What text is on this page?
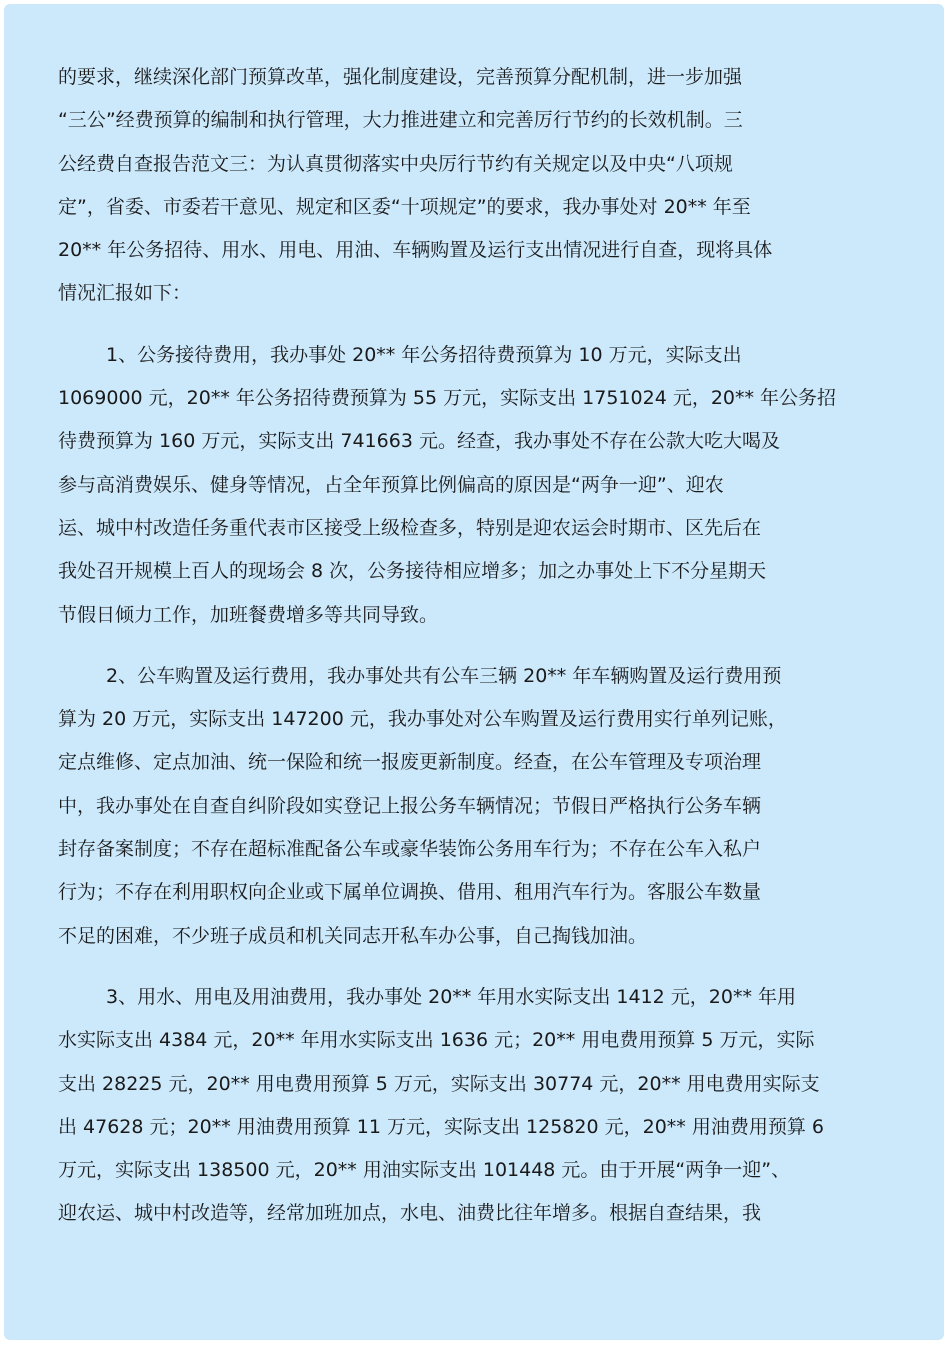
的要求，继续深化部门预算改革，强化制度建设，完善预算分配机制，进一步加强
“三公”经费预算的编制和执行管理，大力推进建立和完善厉行节约的长效机制。三
公经费自查报告范文三：为认真贯彻落实中央厉行节约有关规定以及中央“八项规
定”，省委、市委若干意见、规定和区委“十项规定”的要求，我办事处对 20** 年至
20** 年公务招待、用水、用电、用油、车辆购置及运行支出情况进行自查，现将具体
情况汇报如下：
1、公务接待费用，我办事处 20** 年公务招待费预算为 10 万元，实际支出
1069000 元，20** 年公务招待费预算为 55 万元，实际支出 1751024 元，20** 年公务招
待费预算为 160 万元，实际支出 741663 元。经查，我办事处不存在公款大吃大喝及
参与高消费娱乐、健身等情况，占全年预算比例偏高的原因是“两争一迎”、迎农
运、城中村改造任务重代表市区接受上级检查多，特别是迎农运会时期市、区先后在
我处召开规模上百人的现场会 8 次，公务接待相应增多；加之办事处上下不分星期天
节假日倾力工作，加班餐费增多等共同导致。
2、公车购置及运行费用，我办事处共有公车三辆 20** 年车辆购置及运行费用预
算为 20 万元，实际支出 147200 元，我办事处对公车购置及运行费用实行单列记账，
定点维修、定点加油、统一保险和统一报废更新制度。经查，在公车管理及专项治理
中，我办事处在自查自纠阶段如实登记上报公务车辆情况；节假日严格执行公务车辆
封存备案制度；不存在超标准配备公车或豪华装饰公务用车行为；不存在公车入私户
行为；不存在利用职权向企业或下属单位调换、借用、租用汽车行为。客服公车数量
不足的困难，不少班子成员和机关同志开私车办公事，自己掏钱加油。
3、用水、用电及用油费用，我办事处 20** 年用水实际支出 1412 元，20** 年用
水实际支出 4384 元，20** 年用水实际支出 1636 元；20** 用电费用预算 5 万元，实际
支出 28225 元，20** 用电费用预算 5 万元，实际支出 30774 元，20** 用电费用实际支
出 47628 元；20** 用油费用预算 11 万元，实际支出 125820 元，20** 用油费用预算 6
万元，实际支出 138500 元，20** 用油实际支出 101448 元。由于开展“两争一迎”、
迎农运、城中村改造等，经常加班加点，水电、油费比往年增多。根据自查结果，我
